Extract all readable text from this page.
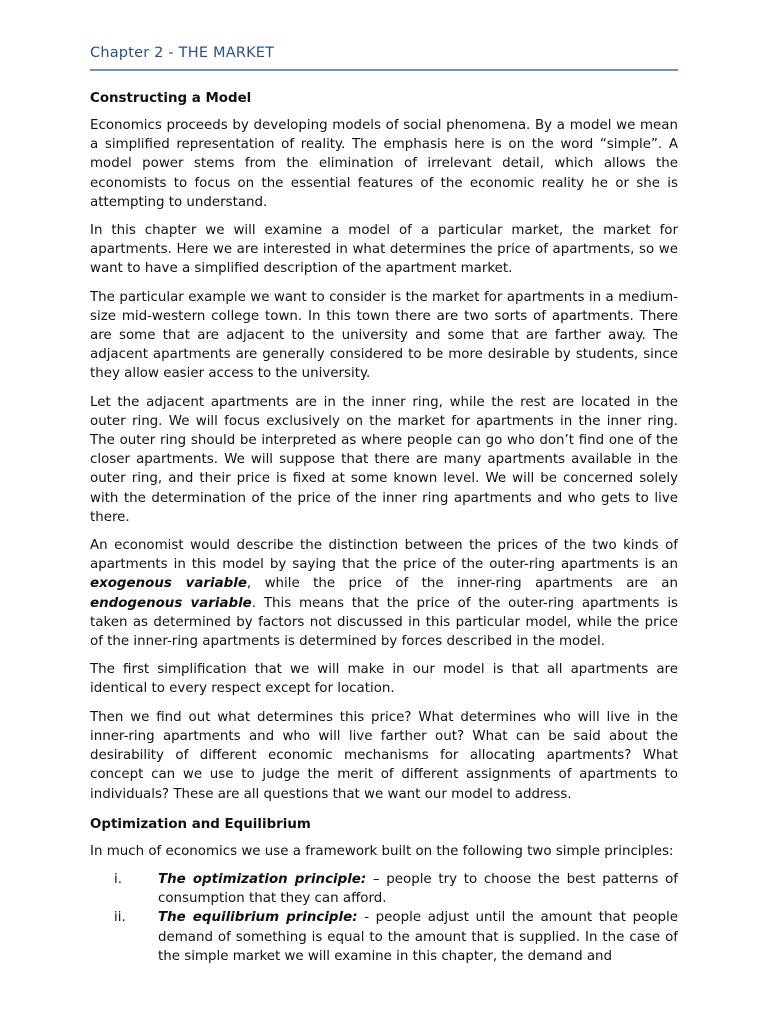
Chapter 2 - THE MARKET
Constructing a Model

Economics proceeds by developing models of social phenomena. By a model we mean a simplified representation of reality. The emphasis here is on the word “simple”. A model power stems from the elimination of irrelevant detail, which allows the economists to focus on the essential features of the economic reality he or she is attempting to understand.

In this chapter we will examine a model of a particular market, the market for apartments. Here we are interested in what determines the price of apartments, so we want to have a simplified description of the apartment market.

The particular example we want to consider is the market for apartments in a medium-size mid-western college town. In this town there are two sorts of apartments. There are some that are adjacent to the university and some that are farther away. The adjacent apartments are generally considered to be more desirable by students, since they allow easier access to the university.

Let the adjacent apartments are in the inner ring, while the rest are located in the outer ring. We will focus exclusively on the market for apartments in the inner ring. The outer ring should be interpreted as where people can go who don’t find one of the closer apartments. We will suppose that there are many apartments available in the outer ring, and their price is fixed at some known level. We will be concerned solely with the determination of the price of the inner ring apartments and who gets to live there.

An economist would describe the distinction between the prices of the two kinds of apartments in this model by saying that the price of the outer-ring apartments is an exogenous variable, while the price of the inner-ring apartments are an endogenous variable. This means that the price of the outer-ring apartments is taken as determined by factors not discussed in this particular model, while the price of the inner-ring apartments is determined by forces described in the model.

The first simplification that we will make in our model is that all apartments are identical to every respect except for location.

Then we find out what determines this price? What determines who will live in the inner-ring apartments and who will live farther out? What can be said about the desirability of different economic mechanisms for allocating apartments? What concept can we use to judge the merit of different assignments of apartments to individuals? These are all questions that we want our model to address.

Optimization and Equilibrium

In much of economics we use a framework built on the following two simple principles:

i.	The optimization principle: – people try to choose the best patterns of consumption that they can afford.
ii. The equilibrium principle: - people adjust until the amount that people demand of something is equal to the amount that is supplied. In the case of the simple market we will examine in this chapter, the demand and
